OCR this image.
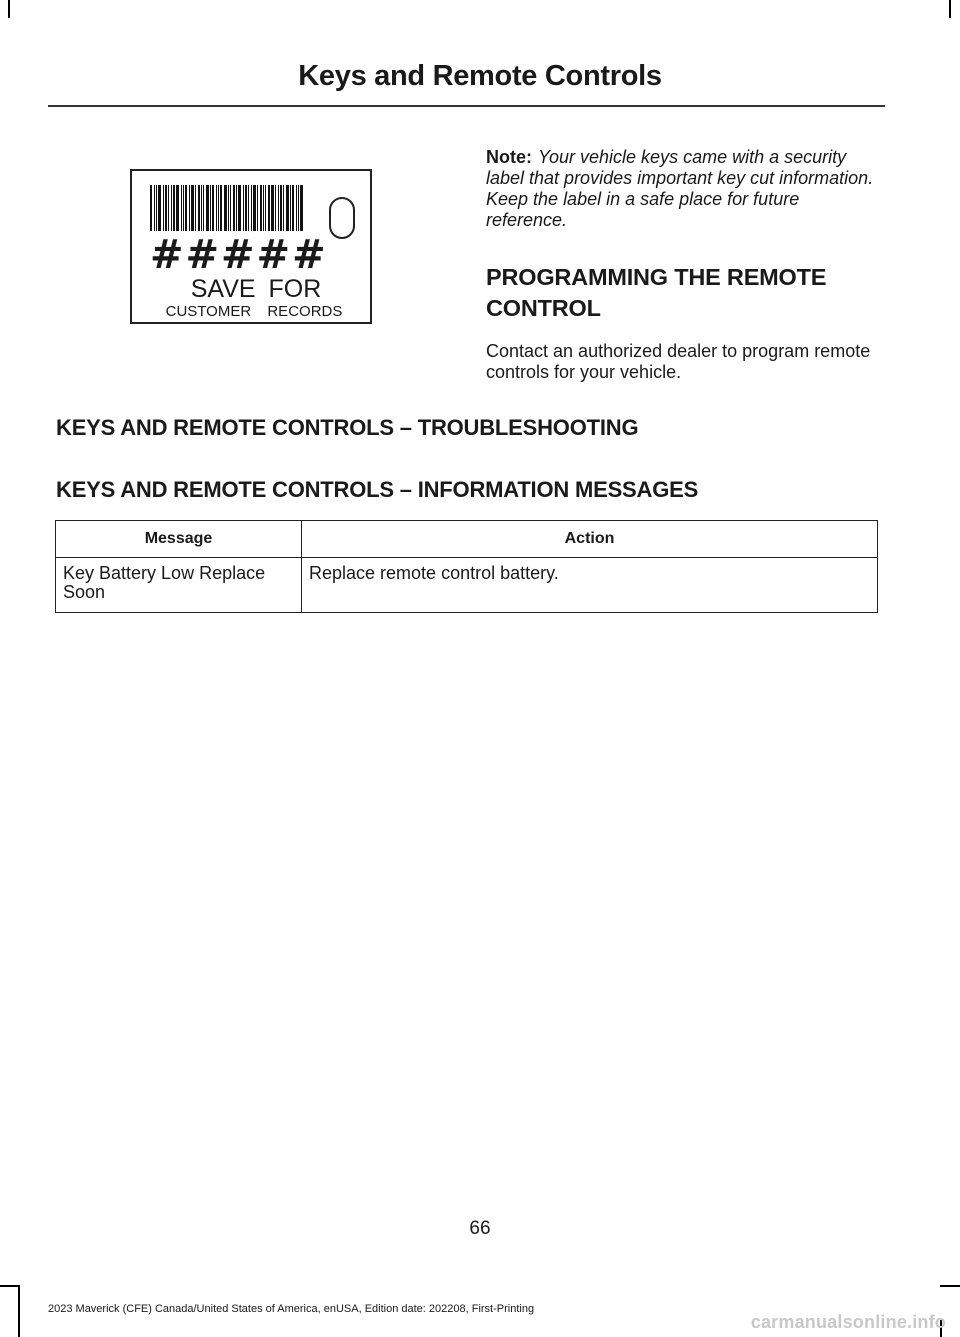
Keys and Remote Controls
#####
SAVE FOR
CUSTOMER RECORDS
Note: Your vehicle keys came with a security label that provides important key cut information. Keep the label in a safe place for future reference.
PROGRAMMING THE REMOTE CONTROL
Contact an authorized dealer to program remote controls for your vehicle.
KEYS AND REMOTE CONTROLS – TROUBLESHOOTING
KEYS AND REMOTE CONTROLS – INFORMATION MESSAGES
Message	Action
Key Battery Low Replace Soon	Replace remote control battery.
66
2023 Maverick (CFE) Canada/United States of America, enUSA, Edition date: 202208, First-Printing
carmanualsonline.info
